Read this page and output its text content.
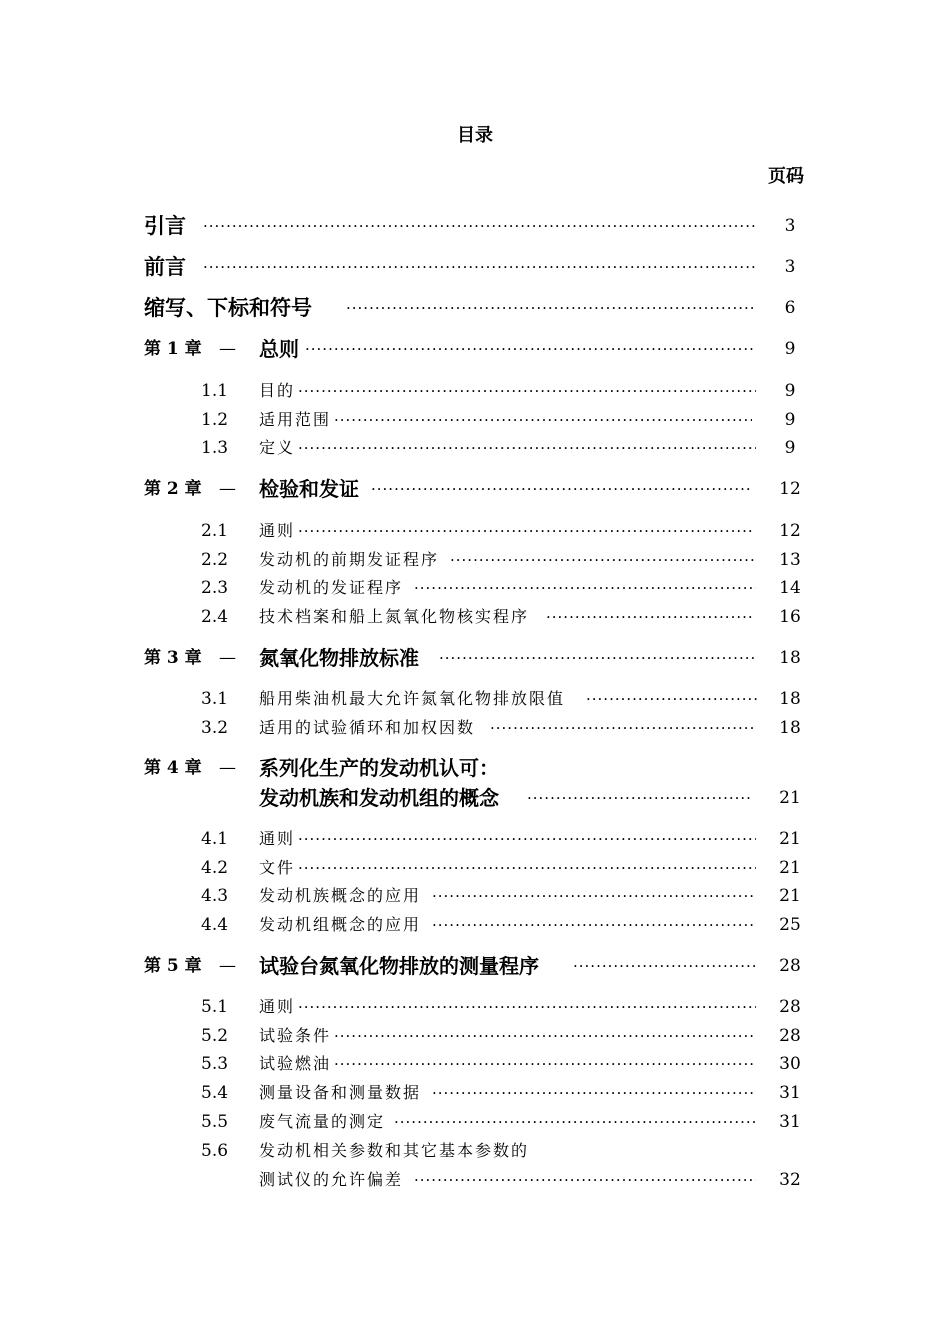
目录
页码
引言 ·····	3
前言 ·····	3
缩写、下标和符号 ·····	6
第 1 章 — 总则 ·····	9
1.1 目的 ·····	9
1.2 适用范围 ·····	9
1.3 定义 ·····	9
第 2 章 — 检验和发证 ·····	12
2.1 通则 ·····	12
2.2 发动机的前期发证程序 ·····	13
2.3 发动机的发证程序 ·····	14
2.4 技术档案和船上氮氧化物核实程序 ·····	16
第 3 章 — 氮氧化物排放标准 ·····	18
3.1 船用柴油机最大允许氮氧化物排放限值 ·····	18
3.2 适用的试验循环和加权因数 ·····	18
第 4 章 — 系列化生产的发动机认可：
发动机族和发动机组的概念 ·····	21
4.1 通则 ·····	21
4.2 文件 ·····	21
4.3 发动机族概念的应用 ·····	21
4.4 发动机组概念的应用 ·····	25
第 5 章 — 试验台氮氧化物排放的测量程序 ·····	28
5.1 通则 ·····	28
5.2 试验条件 ·····	28
5.3 试验燃油 ·····	30
5.4 测量设备和测量数据 ·····	31
5.5 废气流量的测定 ·····	31
5.6 发动机相关参数和其它基本参数的
测试仪的允许偏差 ·····	32
